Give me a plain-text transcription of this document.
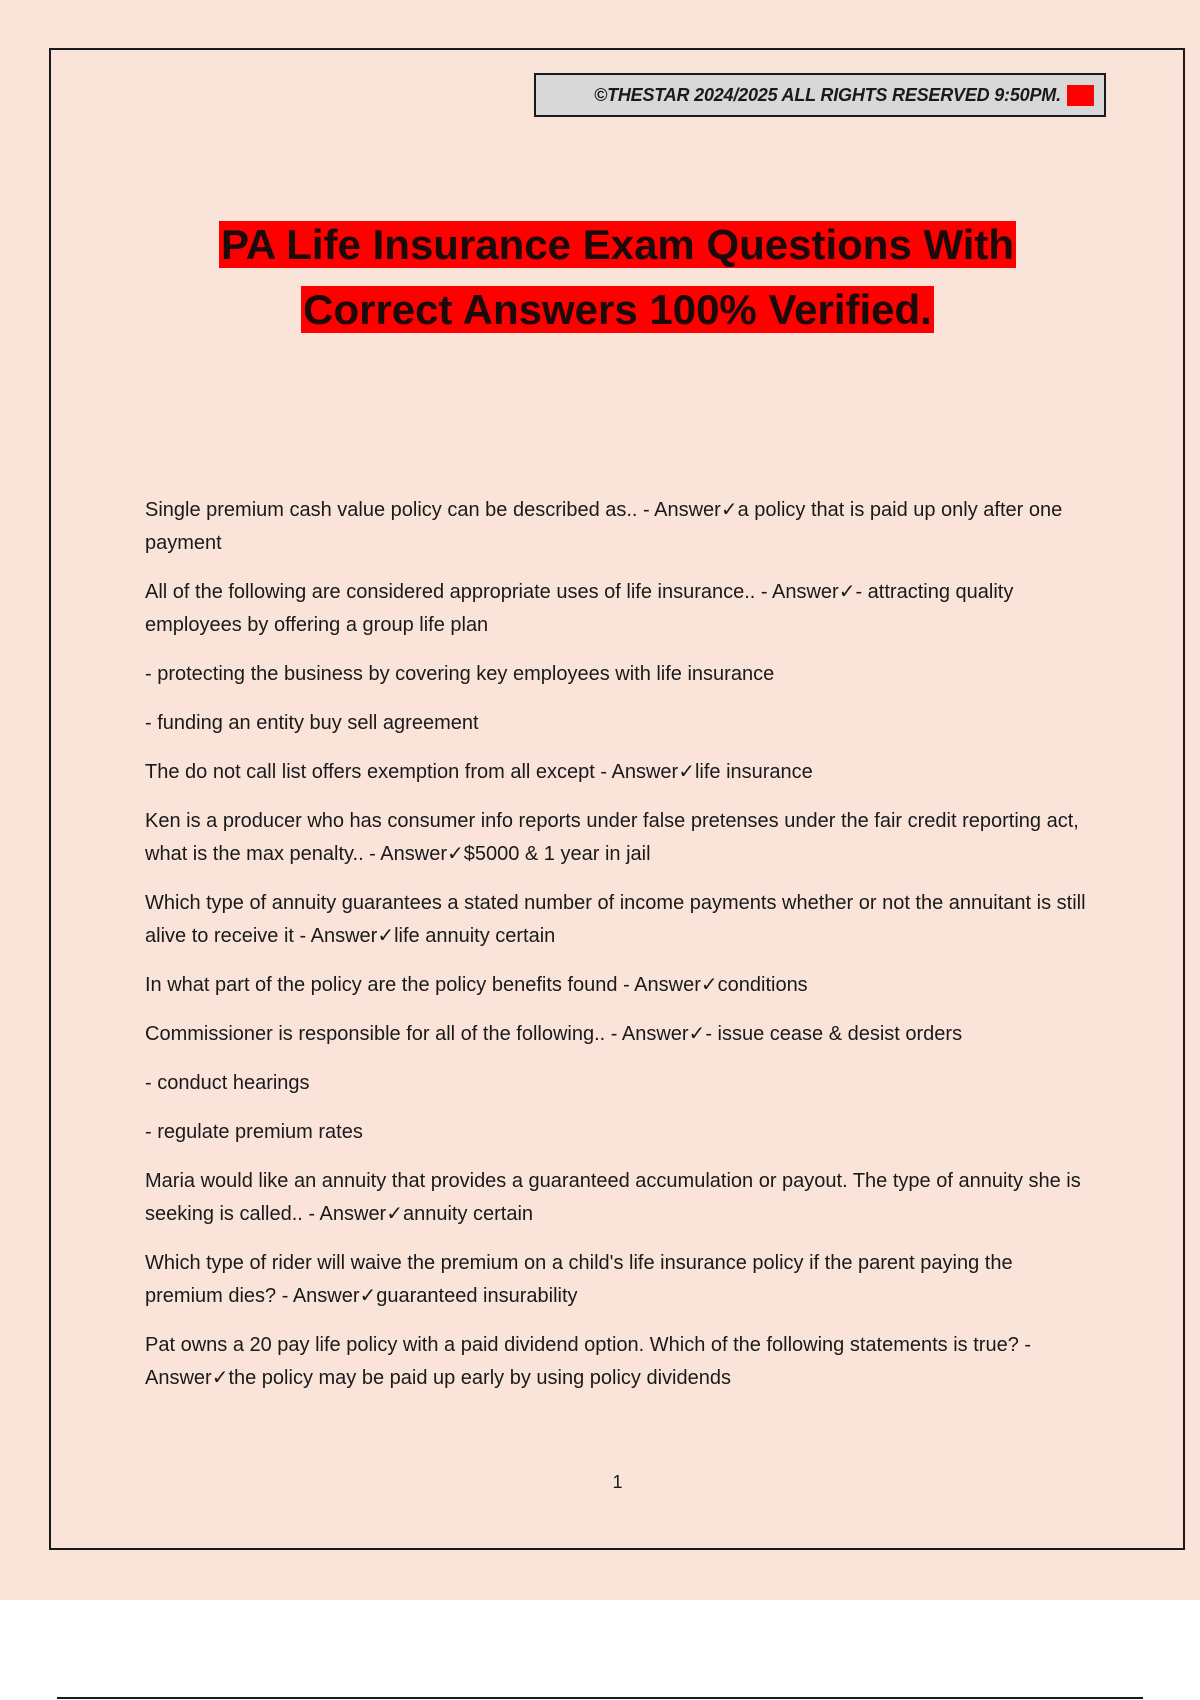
©THESTAR 2024/2025 ALL RIGHTS RESERVED 9:50PM. A+
PA Life Insurance Exam Questions With
Correct Answers 100% Verified.

Single premium cash value policy can be described as.. - Answer✓a policy that is paid up only after one payment

All of the following are considered appropriate uses of life insurance.. - Answer✓- attracting quality employees by offering a group life plan

- protecting the business by covering key employees with life insurance

- funding an entity buy sell agreement

The do not call list offers exemption from all except - Answer✓life insurance

Ken is a producer who has consumer info reports under false pretenses under the fair credit reporting act, what is the max penalty.. - Answer✓$5000 & 1 year in jail

Which type of annuity guarantees a stated number of income payments whether or not the annuitant is still alive to receive it - Answer✓life annuity certain

In what part of the policy are the policy benefits found - Answer✓conditions

Commissioner is responsible for all of the following.. - Answer✓- issue cease & desist orders

- conduct hearings

- regulate premium rates

Maria would like an annuity that provides a guaranteed accumulation or payout. The type of annuity she is seeking is called.. - Answer✓annuity certain

Which type of rider will waive the premium on a child's life insurance policy if the parent paying the premium dies? - Answer✓guaranteed insurability

Pat owns a 20 pay life policy with a paid dividend option. Which of the following statements is true? - Answer✓the policy may be paid up early by using policy dividends

1
